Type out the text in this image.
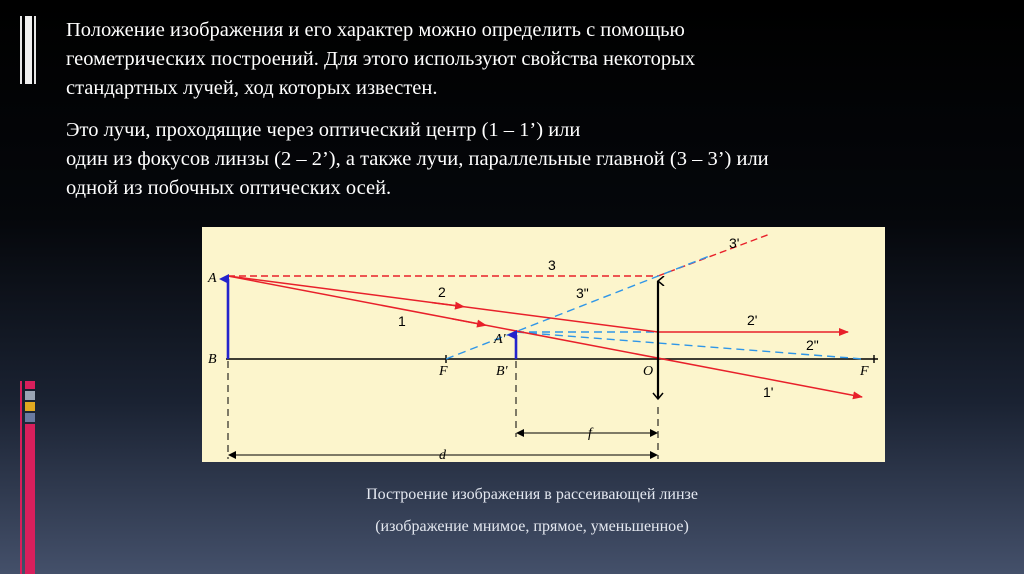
Положение изображения и его характер можно определить с помощью
геометрических построений. Для этого используют свойства некоторых
стандартных лучей, ход которых известен.

Это лучи, проходящие через оптический центр (1 – 1’) или
один из фокусов линзы (2 – 2’), а также лучи, параллельные главной (3 – 3’) или
одной из побочных оптических осей.

A
B
A'
B'
F	O	F
f
d
3
3'
3"
2
2'
2"
1
1'

Построение изображения в рассеивающей линзе

(изображение мнимое, прямое, уменьшенное)
